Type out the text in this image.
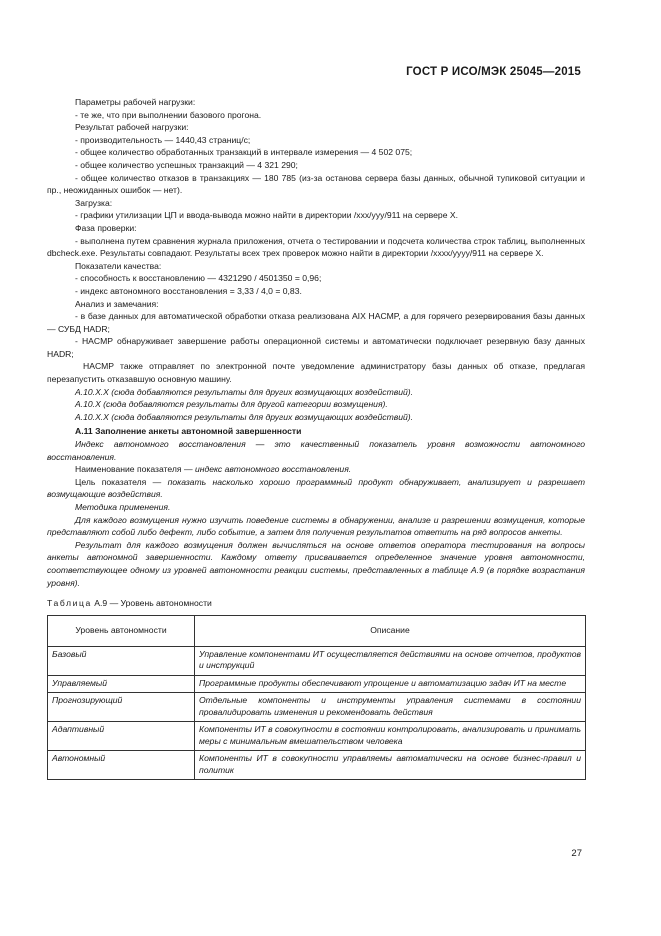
ГОСТ Р ИСО/МЭК 25045—2015

Параметры рабочей нагрузки:

- те же, что при выполнении базового прогона.

Результат рабочей нагрузки:

- производительность — 1440,43 страниц/с;

- общее количество обработанных транзакций в интервале измерения — 4 502 075;

- общее количество успешных транзакций — 4 321 290;

- общее количество отказов в транзакциях — 180 785 (из-за останова сервера базы данных, обычной тупиковой ситуации и пр., неожиданных ошибок — нет).

Загрузка:

- графики утилизации ЦП и ввода-вывода можно найти в директории /xxx/yyy/911 на сервере X.

Фаза проверки:

- выполнена путем сравнения журнала приложения, отчета о тестировании и подсчета количества строк таблиц, выполненных dbcheck.exe. Результаты совпадают. Результаты всех трех проверок можно найти в директории /xxxx/yyyy/911 на сервере X.

Показатели качества:

- способность к восстановлению — 4321290 / 4501350 = 0,96;

- индекс автономного восстановления = 3,33 / 4,0 = 0,83.

Анализ и замечания:

- в базе данных для автоматической обработки отказа реализована AIX HACMP, а для горячего резервирования базы данных — СУБД HADR;

- HACMP обнаруживает завершение работы операционной системы и автоматически подключает резервную базу данных HADR;

HACMP также отправляет по электронной почте уведомление администратору базы данных об отказе, предлагая перезапустить отказавшую основную машину.

A.10.X.X (сюда добавляются результаты для других возмущающих воздействий).

A.10.X (сюда добавляются результаты для другой категории возмущения).

A.10.X.X (сюда добавляются результаты для других возмущающих воздействий).

A.11 Заполнение анкеты автономной завершенности

Индекс автономного восстановления — это качественный показатель уровня возможности автономного восстановления.

Наименование показателя — индекс автономного восстановления.

Цель показателя — показать насколько хорошо программный продукт обнаруживает, анализирует и разрешает возмущающие воздействия.

Методика применения.

Для каждого возмущения нужно изучить поведение системы в обнаружении, анализе и разрешении возмущения, которые представляют собой либо дефект, либо событие, а затем для получения результатов ответить на ряд вопросов анкеты.

Результат для каждого возмущения должен вычисляться на основе ответов оператора тестирования на вопросы анкеты автономной завершенности. Каждому ответу присваивается определенное значение уровня автономности, соответствующее одному из уровней автономности реакции системы, представленных в таблице A.9 (в порядке возрастания уровня).

Таблица A.9 — Уровень автономности

Уровень автономности	Описание
Базовый	Управление компонентами ИТ осуществляется действиями на основе отчетов, продуктов и инструкций
Управляемый	Программные продукты обеспечивают упрощение и автоматизацию задач ИТ на месте
Прогнозирующий	Отдельные компоненты и инструменты управления системами в состоянии провалидировать изменения и рекомендовать действия
Адаптивный	Компоненты ИТ в совокупности в состоянии контролировать, анализировать и принимать меры с минимальным вмешательством человека
Автономный	Компоненты ИТ в совокупности управляемы автоматически на основе бизнес-правил и политик
27
